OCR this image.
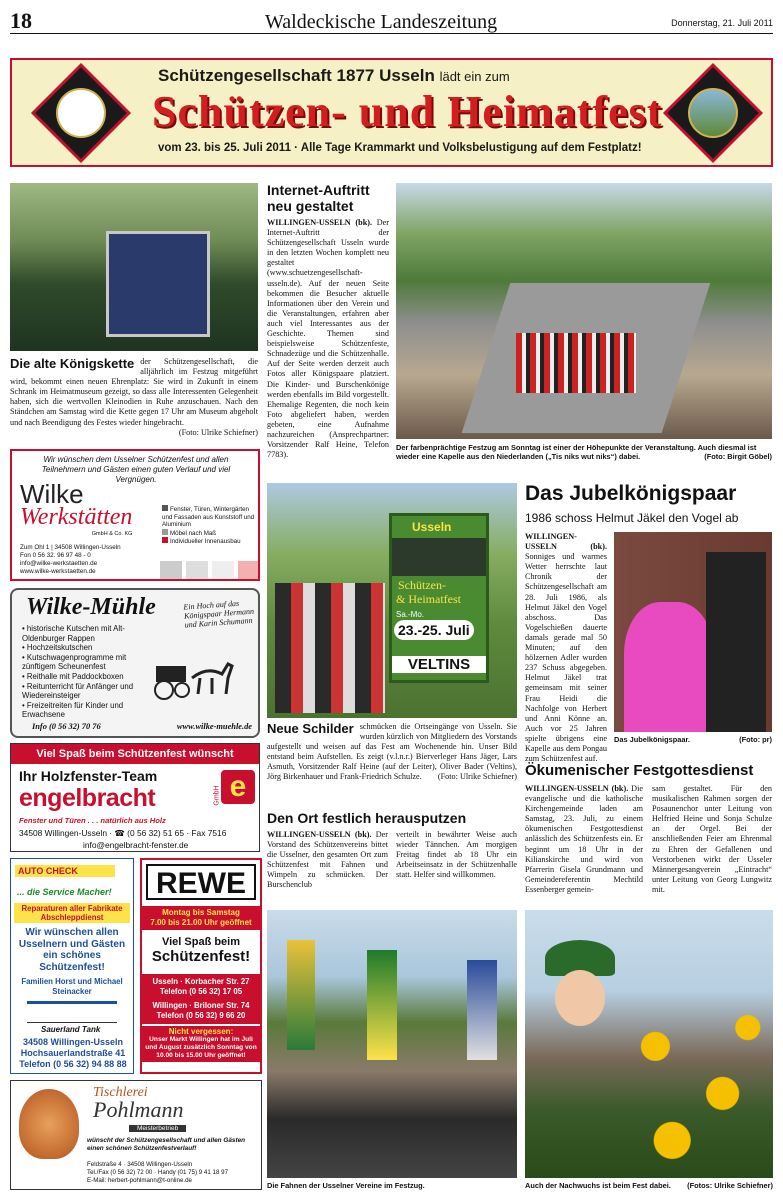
18	Waldeckische Landeszeitung	Donnerstag, 21. Juli 2011
Schützengesellschaft 1877 Usseln lädt ein zum
Schützen- und Heimatfest
vom 23. bis 25. Juli 2011 · Alle Tage Krammarkt und Volksbelustigung auf dem Festplatz!
Die alte Königskette der Schützengesellschaft, die alljährlich im Festzug mitgeführt wird, bekommt einen neuen Ehrenplatz: Sie wird in Zukunft in einem Schrank im Heimatmuseum gezeigt, so dass alle Interessenten Gelegenheit haben, sich die wertvollen Kleinodien in Ruhe anzuschauen. Nach den Ständchen am Samstag wird die Kette gegen 17 Uhr am Museum abgeholt und nach Beendigung des Festes wieder hingebracht.
(Foto: Ulrike Schiefner)
Internet-Auftritt neu gestaltet
WILLINGEN-USSELN (bk). Der Internet-Auftritt der Schützengesellschaft Usseln wurde in den letzten Wochen komplett neu gestaltet (www.schuetzengesellschaft-usseln.de). Auf der neuen Seite bekommen die Besucher aktuelle Informationen über den Verein und die Veranstaltungen, erfahren aber auch viel Interessantes aus der Geschichte. Themen sind beispielsweise Schützenfeste, Schnadezüge und die Schützenhalle. Auf der Seite werden derzeit auch Fotos aller Königspaare platziert. Die Kinder- und Burschenkönige werden ebenfalls im Bild vorgestellt. Ehemalige Regenten, die noch kein Foto abgeliefert haben, werden gebeten, eine Aufnahme nachzureichen (Ansprechpartner: Vorsitzender Ralf Heine, Telefon 7783).
Der farbenprächtige Festzug am Sonntag ist einer der Höhepunkte der Veranstaltung. Auch diesmal ist wieder eine Kapelle aus den Niederlanden („Tis niks wut niks“) dabei.	(Foto: Birgit Göbel)
Wir wünschen dem Usselner Schützenfest und allen Teilnehmern und Gästen einen guten Verlauf und viel Vergnügen.
Wilke
Werkstätten
GmbH & Co. KG
Fenster, Türen, Wintergärten und Fassaden aus Kunststoff und Aluminium
Möbel nach Maß
Individueller Innenausbau
Zum Ohl 1 | 34508 Willingen-Usseln
Fon 0 56 32. 96 97 48 - 0
info@wilke-werkstaetten.de
www.wilke-werkstaetten.de
Wilke-Mühle	Ein Hoch auf das Königspaar Hermann und Karin Schumann
• historische Kutschen mit Alt-Oldenburger Rappen
• Hochzeitskutschen
• Kutschwagenprogramme mit zünftigem Scheunenfest
• Reithalle mit Paddockboxen
• Reitunterricht für Anfänger und Wiedereinsteiger
• Freizeitreiten für Kinder und Erwachsene
Info (0 56 32) 70 76	www.wilke-muehle.de
Viel Spaß beim Schützenfest wünscht
Ihr Holzfenster-Team
engelbracht	GmbH e
Fenster und Türen . . . natürlich aus Holz
34508 Willingen-Usseln · ☎ (0 56 32) 51 65 · Fax 7516
info@engelbracht-fenster.de
AUTO CHECK
... die Service Macher!
Reparaturen aller Fabrikate Abschleppdienst
Wir wünschen allen Usselnern und Gästen ein schönes Schützenfest!
Familien Horst und Michael Steinacker
Sauerland Tank
34508 Willingen-Usseln
Hochsauerlandstraße 41
Telefon (0 56 32) 94 88 88
REWE
Montag bis Samstag
7.00 bis 21.00 Uhr geöffnet
Viel Spaß beim
Schützenfest!
Usseln · Korbacher Str. 27
Telefon (0 56 32) 17 05
Willingen · Briloner Str. 74
Telefon (0 56 32) 9 66 20
Nicht vergessen:
Unser Markt Willingen hat im Juli und August zusätzlich Sonntag von 10.00 bis 15.00 Uhr geöffnet!
Tischlerei
Pohlmann
Meisterbetrieb
wünscht der Schützengesellschaft und allen Gästen einen schönen Schützenfestverlauf!
Feldstraße 4 · 34508 Willingen-Usseln
Tel./Fax (0 56 32) 72 00 · Handy (01 75) 9 41 18 97
E-Mail: herbert-pohlmann@t-online.de
Usseln
Schützen-
& Heimatfest
Sa.-Mo.
23.-25. Juli
VELTINS
Neue Schilder schmücken die Ortseingänge von Usseln. Sie wurden kürzlich von Mitgliedern des Vorstands aufgestellt und weisen auf das Fest am Wochenende hin. Unser Bild entstand beim Aufstellen. Es zeigt (v.l.n.r.) Bierverleger Hans Jäger, Lars Asmuth, Vorsitzender Ralf Heine (auf der Leiter), Oliver Bader (Veltins), Jörg Birkenhauer und Frank-Friedrich Schulze. (Foto: Ulrike Schiefner)
Das Jubelkönigspaar
1986 schoss Helmut Jäkel den Vogel ab
WILLINGEN-USSELN (bk). Sonniges und warmes Wetter herrschte laut Chronik der Schützengesellschaft am 28. Juli 1986, als Helmut Jäkel den Vogel abschoss. Das Vogelschießen dauerte damals gerade mal 50 Minuten; auf den hölzernen Adler wurden 237 Schuss abgegeben. Helmut Jäkel trat gemeinsam mit seiner Frau Heidi die Nachfolge von Herbert und Anni Könne an. Auch vor 25 Jahren spielte übrigens eine Kapelle aus dem Pongau zum Schützenfest auf.
Das Jubelkönigspaar.	(Foto: pr)
Ökumenischer Festgottesdienst
WILLINGEN-USSELN (bk). Die evangelische und die katholische Kirchengemeinde laden am Samstag, 23. Juli, zu einem ökumenischen Festgottesdienst anlässlich des Schützenfests ein. Er beginnt um 18 Uhr in der Kilianskirche und wird von Pfarrerin Gisela Grundmann und Gemeindereferentin Mechtild Essenberger gemein-
sam gestaltet. Für den musikalischen Rahmen sorgen der Posaunenchor unter Leitung von Helfried Heine und Sonja Schulze an der Orgel. Bei der anschließenden Feier am Ehrenmal zu Ehren der Gefallenen und Verstorbenen wirkt der Usseler Männergesangverein „Eintracht“ unter Leitung von Georg Lungwitz mit.
Den Ort festlich herausputzen
WILLINGEN-USSELN (bk). Der Vorstand des Schützenvereins bittet die Usselner, den gesamten Ort zum Schützenfest mit Fahnen und Wimpeln zu schmücken. Der Burschenclub
verteilt in bewährter Weise auch wieder Tännchen. Am morgigen Freitag findet ab 18 Uhr ein Arbeitseinsatz in der Schützenhalle statt. Helfer sind willkommen.
Die Fahnen der Usselner Vereine im Festzug.	Auch der Nachwuchs ist beim Fest dabei. (Fotos: Ulrike Schiefner)
